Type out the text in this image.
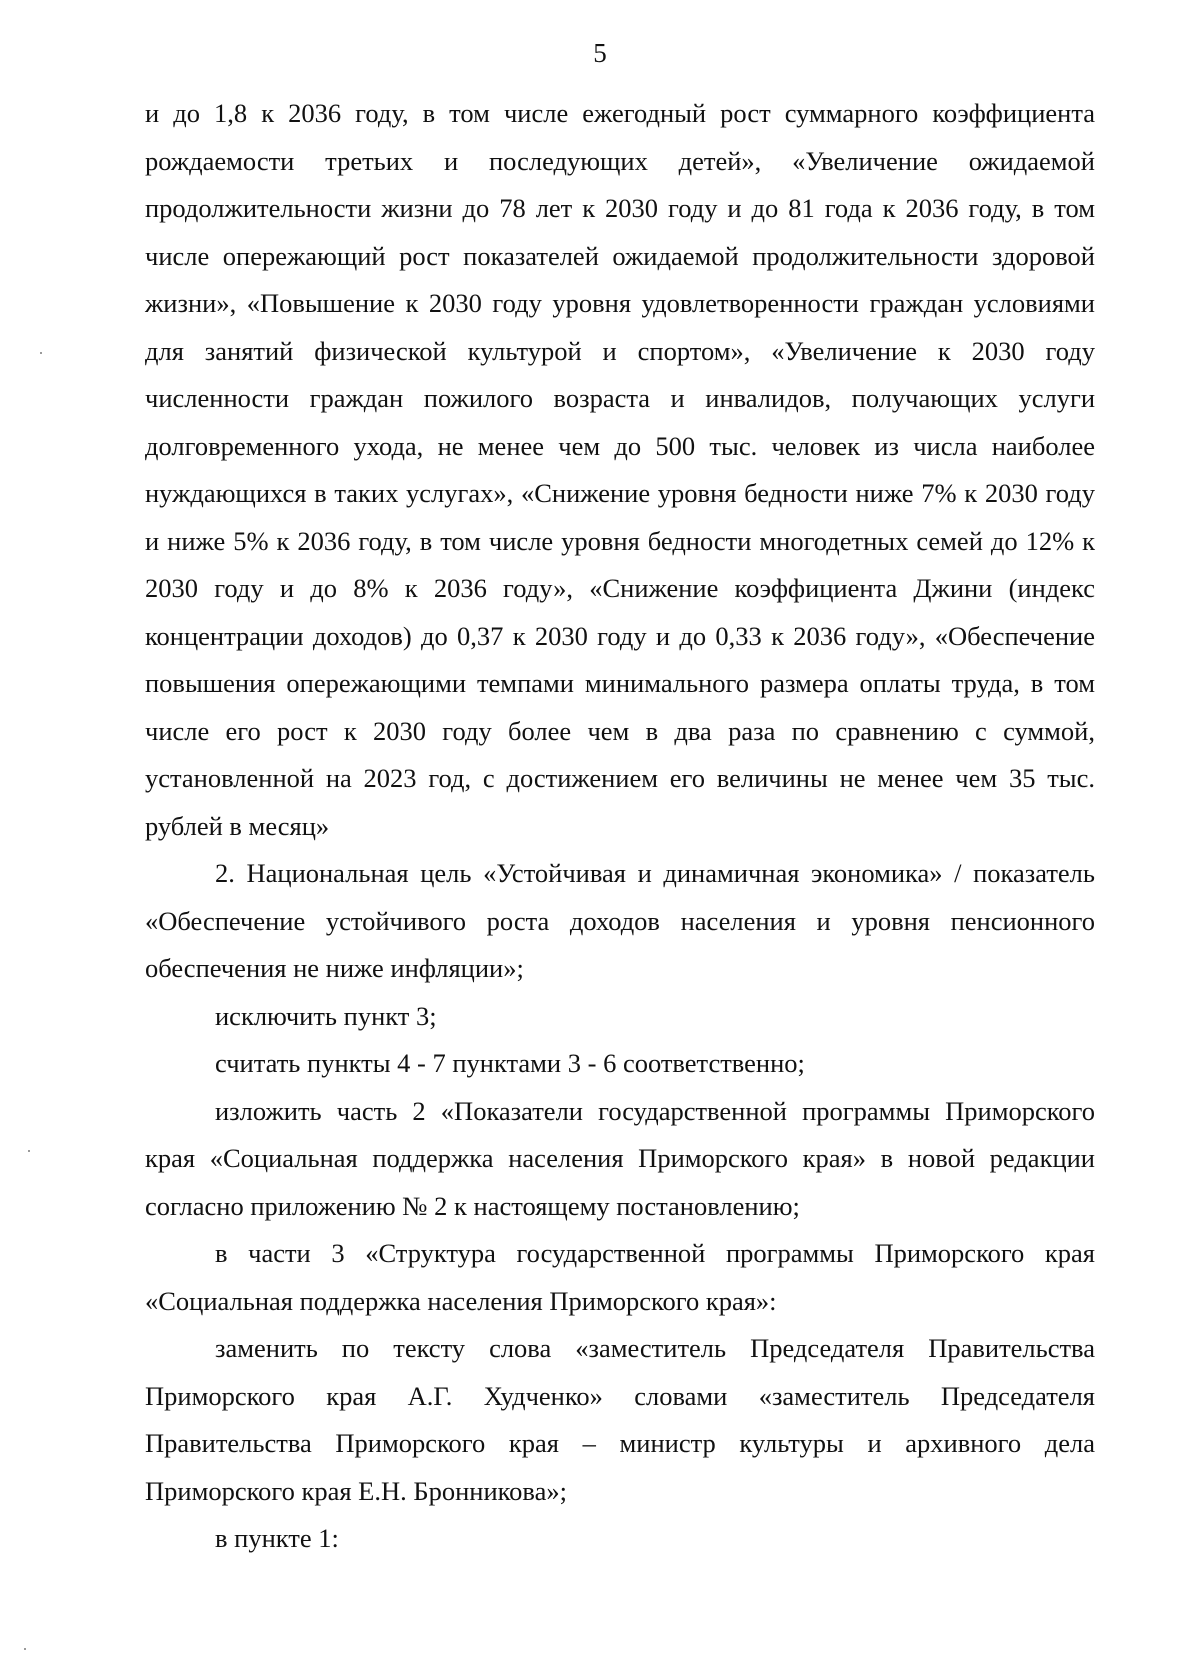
5

и до 1,8 к 2036 году, в том числе ежегодный рост суммарного коэффициента рождаемости третьих и последующих детей», «Увеличение ожидаемой продолжительности жизни до 78 лет к 2030 году и до 81 года к 2036 году, в том числе опережающий рост показателей ожидаемой продолжительности здоровой жизни», «Повышение к 2030 году уровня удовлетворенности граждан условиями для занятий физической культурой и спортом», «Увеличение к 2030 году численности граждан пожилого возраста и инвалидов, получающих услуги долговременного ухода, не менее чем до 500 тыс. человек из числа наиболее нуждающихся в таких услугах», «Снижение уровня бедности ниже 7% к 2030 году и ниже 5% к 2036 году, в том числе уровня бедности многодетных семей до 12% к 2030 году и до 8% к 2036 году», «Снижение коэффициента Джини (индекс концентрации доходов) до 0,37 к 2030 году и до 0,33 к 2036 году», «Обеспечение повышения опережающими темпами минимального размера оплаты труда, в том числе его рост к 2030 году более чем в два раза по сравнению с суммой, установленной на 2023 год, с достижением его величины не менее чем 35 тыс. рублей в месяц»

2. Национальная цель «Устойчивая и динамичная экономика» / показатель «Обеспечение устойчивого роста доходов населения и уровня пенсионного обеспечения не ниже инфляции»;

исключить пункт 3;

считать пункты 4 - 7 пунктами 3 - 6 соответственно;

изложить часть 2 «Показатели государственной программы Приморского края «Социальная поддержка населения Приморского края» в новой редакции согласно приложению № 2 к настоящему постановлению;

в части 3 «Структура государственной программы Приморского края «Социальная поддержка населения Приморского края»:

заменить по тексту слова «заместитель Председателя Правительства Приморского края А.Г. Худченко» словами «заместитель Председателя Правительства Приморского края – министр культуры и архивного дела Приморского края Е.Н. Бронникова»;

в пункте 1:
